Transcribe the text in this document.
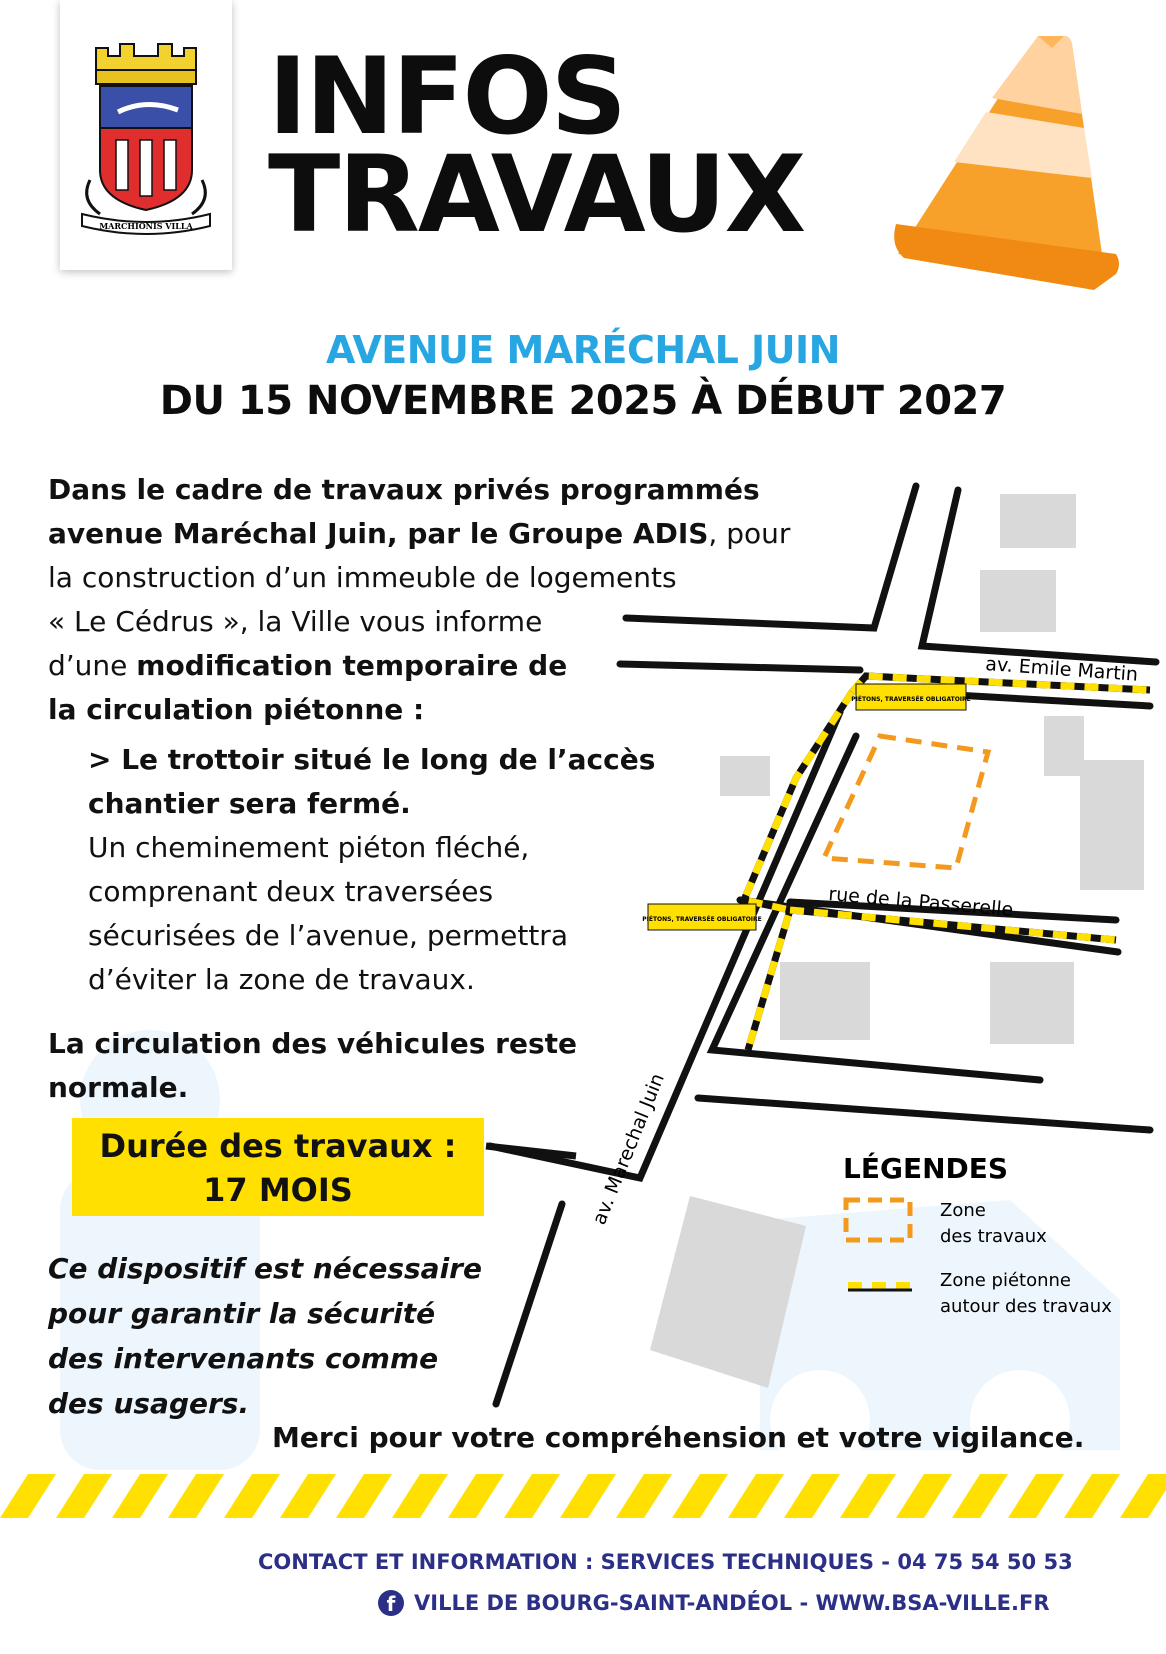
MARCHIONIS VILLA
INFOS
TRAVAUX
AVENUE MARÉCHAL JUIN
DU 15 NOVEMBRE 2025 À DÉBUT 2027
PIÉTONS, TRAVERSÉE OBLIGATOIRE
PIÉTONS, TRAVERSÉE OBLIGATOIRE
av. Emile Martin
rue de la Passerelle
av. Marechal Juin	LÉGENDES
Zone
des travaux
Zone piétonne
autour des travaux
Dans le cadre de travaux privés programmés
avenue Maréchal Juin, par le Groupe ADIS, pour
la construction d’un immeuble de logements
« Le Cédrus », la Ville vous informe
d’une modification temporaire de
la circulation piétonne :
> Le trottoir situé le long de l’accès
chantier sera fermé.
Un cheminement piéton fléché,
comprenant deux traversées
sécurisées de l’avenue, permettra
d’éviter la zone de travaux.
La circulation des véhicules reste
normale.
Durée des travaux :
17 MOIS
Ce dispositif est nécessaire
pour garantir la sécurité
des intervenants comme
des usagers.
Merci pour votre compréhension et votre vigilance.
CONTACT ET INFORMATION : SERVICES TECHNIQUES - 04 75 54 50 53
f VILLE DE BOURG-SAINT-ANDÉOL - WWW.BSA-VILLE.FR
